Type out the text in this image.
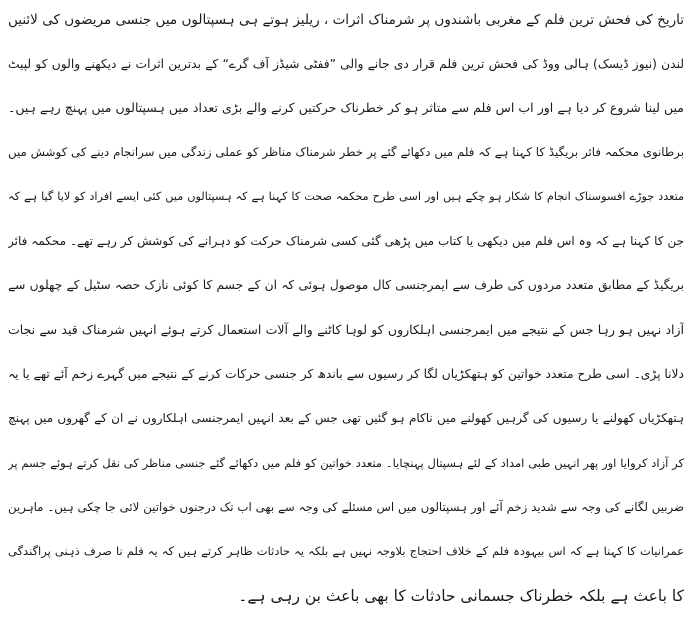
تاریخ کی فحش ترین فلم کے مغربی باشندوں پر شرمناک اثرات ، ریلیز ہوتے ہی ہسپتالوں میں جنسی مریضوں کی لائنیں
لندن (نیوز ڈیسک) ہالی ووڈ کی فحش ترین فلم قرار دی جانے والی ”ففٹی شیڈز آف گرے“ کے بدترین اثرات نے دیکھنے والوں کو لپیٹ
میں لینا شروع کر دیا ہے اور اب اس فلم سے متاثر ہو کر خطرناک حرکتیں کرنے والے بڑی تعداد میں ہسپتالوں میں پہنچ رہے ہیں۔
برطانوی محکمہ فائر بریگیڈ کا کہنا ہے کہ فلم میں دکھائے گئے پر خطر شرمناک مناظر کو عملی زندگی میں سرانجام دینے کی کوشش میں
متعدد جوڑے افسوسناک انجام کا شکار ہو چکے ہیں اور اسی طرح محکمہ صحت کا کہنا ہے کہ ہسپتالوں میں کئی ایسے افراد کو لایا گیا ہے کہ
جن کا کہنا ہے کہ وہ اس فلم میں دیکھی یا کتاب میں پڑھی گئی کسی شرمناک حرکت کو دہرانے کی کوشش کر رہے تھے۔ محکمہ فائر
بریگیڈ کے مطابق متعدد مردوں کی طرف سے ایمرجنسی کال موصول ہوئی کہ ان کے جسم کا کوئی نازک حصہ سٹیل کے چھلوں سے
آزاد نہیں ہو رہا جس کے نتیجے میں ایمرجنسی اہلکاروں کو لوہا کاٹنے والے آلات استعمال کرتے ہوئے انہیں شرمناک قید سے نجات
دلانا پڑی۔ اسی طرح متعدد خواتین کو ہتھکڑیاں لگا کر رسیوں سے باندھ کر جنسی حرکات کرنے کے نتیجے میں گہرے زخم آئے تھے یا یہ
ہتھکڑیاں کھولنے یا رسیوں کی گرہیں کھولنے میں ناکام ہو گئیں تھی جس کے بعد انہیں ایمرجنسی اہلکاروں نے ان کے گھروں میں پہنچ
کر آزاد کروایا اور پھر انہیں طبی امداد کے لئے ہسپتال پہنچایا۔ متعدد خواتین کو فلم میں دکھائے گئے جنسی مناظر کی نقل کرتے ہوئے جسم پر
ضربیں لگانے کی وجہ سے شدید زخم آئے اور ہسپتالوں میں اس مسئلے کی وجہ سے بھی اب تک درجنوں خواتین لائی جا چکی ہیں۔ ماہرین
عمرانیات کا کہنا ہے کہ اس بیہودہ فلم کے خلاف احتجاج بلاوجہ نہیں ہے بلکہ یہ حادثات ظاہر کرتے ہیں کہ یہ فلم نا صرف ذہنی پراگندگی
کا باعث ہے بلکہ خطرناک جسمانی حادثات کا بھی باعث بن رہی ہے۔
